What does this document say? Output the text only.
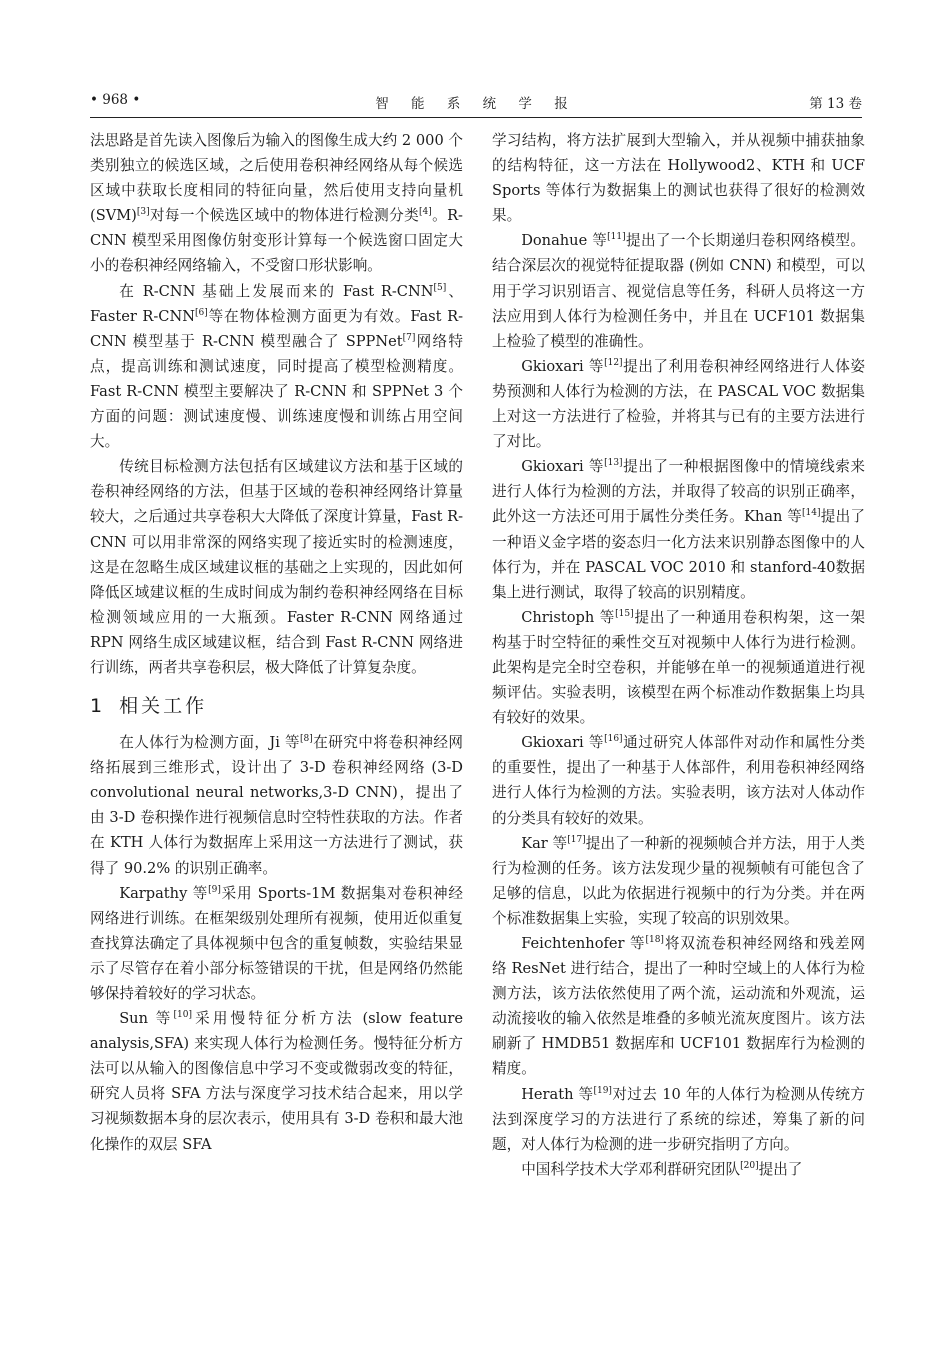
• 968 •	智 能 系 统 学 报	第 13 卷

法思路是首先读入图像后为输入的图像生成大约 2 000 个类别独立的候选区域，之后使用卷积神经网络从每个候选区域中获取长度相同的特征向量，然后使用支持向量机 (SVM)[3]对每一个候选区域中的物体进行检测分类[4]。R-CNN 模型采用图像仿射变形计算每一个候选窗口固定大小的卷积神经网络输入，不受窗口形状影响。

在 R-CNN 基础上发展而来的 Fast R-CNN[5]、Faster R-CNN[6]等在物体检测方面更为有效。Fast R-CNN 模型基于 R-CNN 模型融合了 SPPNet[7]网络特点，提高训练和测试速度，同时提高了模型检测精度。Fast R-CNN 模型主要解决了 R-CNN 和 SPPNet 3 个方面的问题：测试速度慢、训练速度慢和训练占用空间大。

传统目标检测方法包括有区域建议方法和基于区域的卷积神经网络的方法，但基于区域的卷积神经网络计算量较大，之后通过共享卷积大大降低了深度计算量，Fast R-CNN 可以用非常深的网络实现了接近实时的检测速度，这是在忽略生成区域建议框的基础之上实现的，因此如何降低区域建议框的生成时间成为制约卷积神经网络在目标检测领域应用的一大瓶颈。Faster R-CNN 网络通过 RPN 网络生成区域建议框，结合到 Fast R-CNN 网络进行训练，两者共享卷积层，极大降低了计算复杂度。

1 相关工作

在人体行为检测方面，Ji 等[8]在研究中将卷积神经网络拓展到三维形式，设计出了 3-D 卷积神经网络 (3-D convolutional neural networks,3-D CNN)，提出了由 3-D 卷积操作进行视频信息时空特性获取的方法。作者在 KTH 人体行为数据库上采用这一方法进行了测试，获得了 90.2% 的识别正确率。

Karpathy 等[9]采用 Sports-1M 数据集对卷积神经网络进行训练。在框架级别处理所有视频，使用近似重复查找算法确定了具体视频中包含的重复帧数，实验结果显示了尽管存在着小部分标签错误的干扰，但是网络仍然能够保持着较好的学习状态。

Sun 等[10]采用慢特征分析方法 (slow feature analysis,SFA) 来实现人体行为检测任务。慢特征分析方法可以从输入的图像信息中学习不变或微弱改变的特征，研究人员将 SFA 方法与深度学习技术结合起来，用以学习视频数据本身的层次表示，使用具有 3-D 卷积和最大池化操作的双层 SFA

学习结构，将方法扩展到大型输入，并从视频中捕获抽象的结构特征，这一方法在 Hollywood2、KTH 和 UCF Sports 等体行为数据集上的测试也获得了很好的检测效果。

Donahue 等[11]提出了一个长期递归卷积网络模型。结合深层次的视觉特征提取器 (例如 CNN) 和模型，可以用于学习识别语言、视觉信息等任务，科研人员将这一方法应用到人体行为检测任务中，并且在 UCF101 数据集上检验了模型的准确性。

Gkioxari 等[12]提出了利用卷积神经网络进行人体姿势预测和人体行为检测的方法，在 PASCAL VOC 数据集上对这一方法进行了检验，并将其与已有的主要方法进行了对比。

Gkioxari 等[13]提出了一种根据图像中的情境线索来进行人体行为检测的方法，并取得了较高的识别正确率，此外这一方法还可用于属性分类任务。Khan 等[14]提出了一种语义金字塔的姿态归一化方法来识别静态图像中的人体行为，并在 PASCAL VOC 2010 和 stanford-40数据集上进行测试，取得了较高的识别精度。

Christoph 等[15]提出了一种通用卷积构架，这一架构基于时空特征的乘性交互对视频中人体行为进行检测。此架构是完全时空卷积，并能够在单一的视频通道进行视频评估。实验表明，该模型在两个标准动作数据集上均具有较好的效果。

Gkioxari 等[16]通过研究人体部件对动作和属性分类的重要性，提出了一种基于人体部件，利用卷积神经网络进行人体行为检测的方法。实验表明，该方法对人体动作的分类具有较好的效果。

Kar 等[17]提出了一种新的视频帧合并方法，用于人类行为检测的任务。该方法发现少量的视频帧有可能包含了足够的信息，以此为依据进行视频中的行为分类。并在两个标准数据集上实验，实现了较高的识别效果。

Feichtenhofer 等[18]将双流卷积神经网络和残差网络 ResNet 进行结合，提出了一种时空域上的人体行为检测方法，该方法依然使用了两个流，运动流和外观流，运动流接收的输入依然是堆叠的多帧光流灰度图片。该方法刷新了 HMDB51 数据库和 UCF101 数据库行为检测的精度。

Herath 等[19]对过去 10 年的人体行为检测从传统方法到深度学习的方法进行了系统的综述，筹集了新的问题，对人体行为检测的进一步研究指明了方向。

中国科学技术大学邓利群研究团队[20]提出了
